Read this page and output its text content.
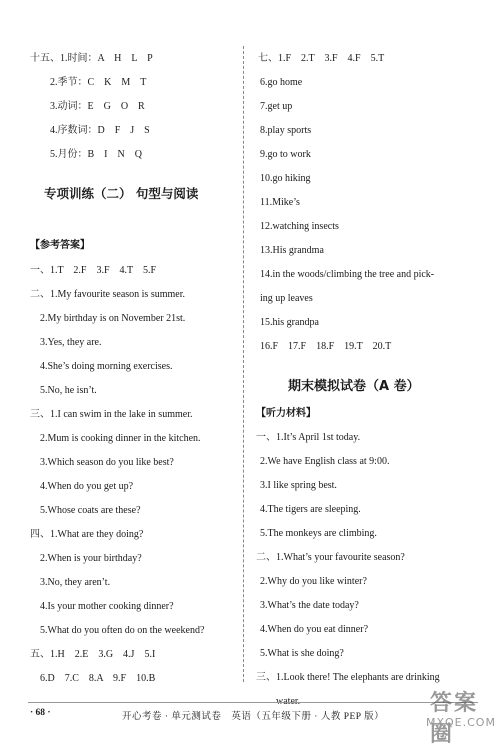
十五、1.时间：A　H　L　P
2.季节：C　K　M　T
3.动词：E　G　O　R
4.序数词：D　F　J　S
5.月份：B　I　N　Q
专项训练（二） 句型与阅读
【参考答案】
一、1.T　2.F　3.F　4.T　5.F
二、1.My favourite season is summer.
2.My birthday is on November 21st.
3.Yes, they are.
4.She’s doing morning exercises.
5.No, he isn’t.
三、1.I can swim in the lake in summer.
2.Mum is cooking dinner in the kitchen.
3.Which season do you like best?
4.When do you get up?
5.Whose coats are these?
四、1.What are they doing?
2.When is your birthday?
3.No, they aren’t.
4.Is your mother cooking dinner?
5.What do you often do on the weekend?
五、1.H　2.E　3.G　4.J　5.I
6.D　7.C　8.A　9.F　10.B
七、1.F　2.T　3.F　4.F　5.T
6.go home
7.get up
8.play sports
9.go to work
10.go hiking
11.Mike’s
12.watching insects
13.His grandma
14.in the woods/climbing the tree and pick-
ing up leaves
15.his grandpa
16.F　17.F　18.F　19.T　20.T
期末模拟试卷（A 卷）
【听力材料】
一、1.It’s April 1st today.
2.We have English class at 9:00.
3.I like spring best.
4.The tigers are sleeping.
5.The monkeys are climbing.
二、1.What’s your favourite season?
2.Why do you like winter?
3.What’s the date today?
4.When do you eat dinner?
5.What is she doing?
三、1.Look there! The elephants are drinking
water.
· 68 ·	开心考卷 · 单元测试卷　英语（五年级下册 · 人教 PEP 版）
答案圈
MXQE.COM
